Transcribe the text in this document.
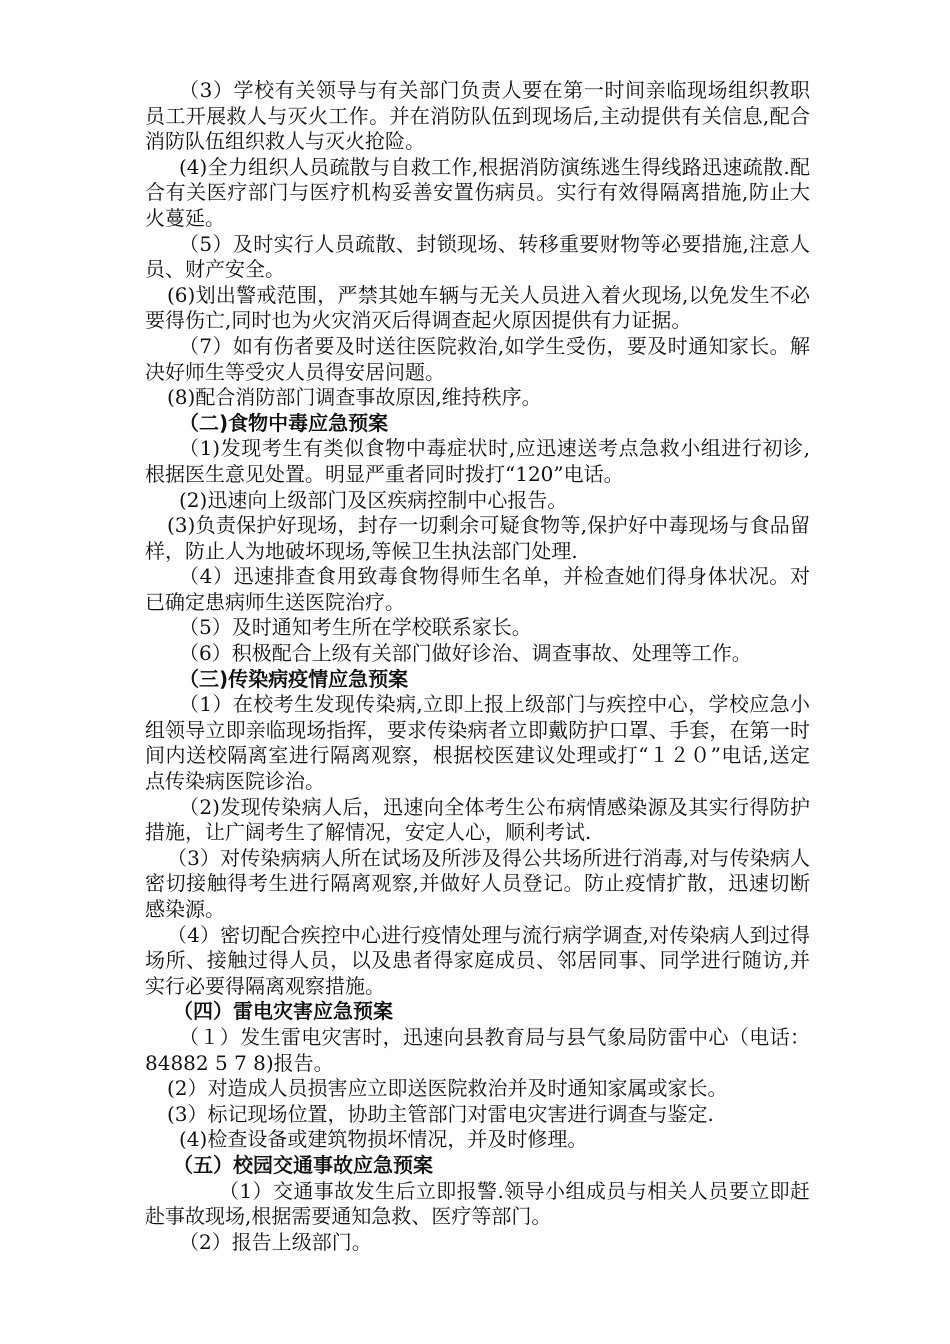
（3）学校有关领导与有关部门负责人要在第一时间亲临现场组织教职员工开展救人与灭火工作。并在消防队伍到现场后,主动提供有关信息,配合消防队伍组织救人与灭火抢险。

(4)全力组织人员疏散与自救工作,根据消防演练逃生得线路迅速疏散.配合有关医疗部门与医疗机构妥善安置伤病员。实行有效得隔离措施,防止大火蔓延。

（5）及时实行人员疏散、封锁现场、转移重要财物等必要措施,注意人员、财产安全。

(6)划出警戒范围，严禁其她车辆与无关人员进入着火现场,以免发生不必要得伤亡,同时也为火灾消灭后得调查起火原因提供有力证据。

（7）如有伤者要及时送往医院救治,如学生受伤，要及时通知家长。解决好师生等受灾人员得安居问题。

(8)配合消防部门调查事故原因,维持秩序。

（二)食物中毒应急预案

（1)发现考生有类似食物中毒症状时,应迅速送考点急救小组进行初诊,根据医生意见处置。明显严重者同时拨打“120”电话。

(2)迅速向上级部门及区疾病控制中心报告。

(3)负责保护好现场，封存一切剩余可疑食物等,保护好中毒现场与食品留样，防止人为地破坏现场,等候卫生执法部门处理.

（4）迅速排查食用致毒食物得师生名单，并检查她们得身体状况。对已确定患病师生送医院治疗。

（5）及时通知考生所在学校联系家长。

（6）积极配合上级有关部门做好诊治、调查事故、处理等工作。

（三)传染病疫情应急预案

（1）在校考生发现传染病,立即上报上级部门与疾控中心，学校应急小组领导立即亲临现场指挥，要求传染病者立即戴防护口罩、手套，在第一时间内送校隔离室进行隔离观察，根据校医建议处理或打“１２０”电话,送定点传染病医院诊治。

（2)发现传染病人后，迅速向全体考生公布病情感染源及其实行得防护措施，让广阔考生了解情况，安定人心，顺利考试.

（3）对传染病病人所在试场及所涉及得公共场所进行消毒,对与传染病人密切接触得考生进行隔离观察,并做好人员登记。防止疫情扩散，迅速切断感染源。

（4）密切配合疾控中心进行疫情处理与流行病学调查,对传染病人到过得场所、接触过得人员，以及患者得家庭成员、邻居同事、同学进行随访,并实行必要得隔离观察措施。

（四）雷电灾害应急预案

（１）发生雷电灾害时，迅速向县教育局与县气象局防雷中心（电话：84882 5 7 8)报告。

(2）对造成人员损害应立即送医院救治并及时通知家属或家长。

(3）标记现场位置，协助主管部门对雷电灾害进行调查与鉴定.

(4)检查设备或建筑物损坏情况，并及时修理。

（五）校园交通事故应急预案

（1）交通事故发生后立即报警.领导小组成员与相关人员要立即赶赴事故现场,根据需要通知急救、医疗等部门。

（2）报告上级部门。
